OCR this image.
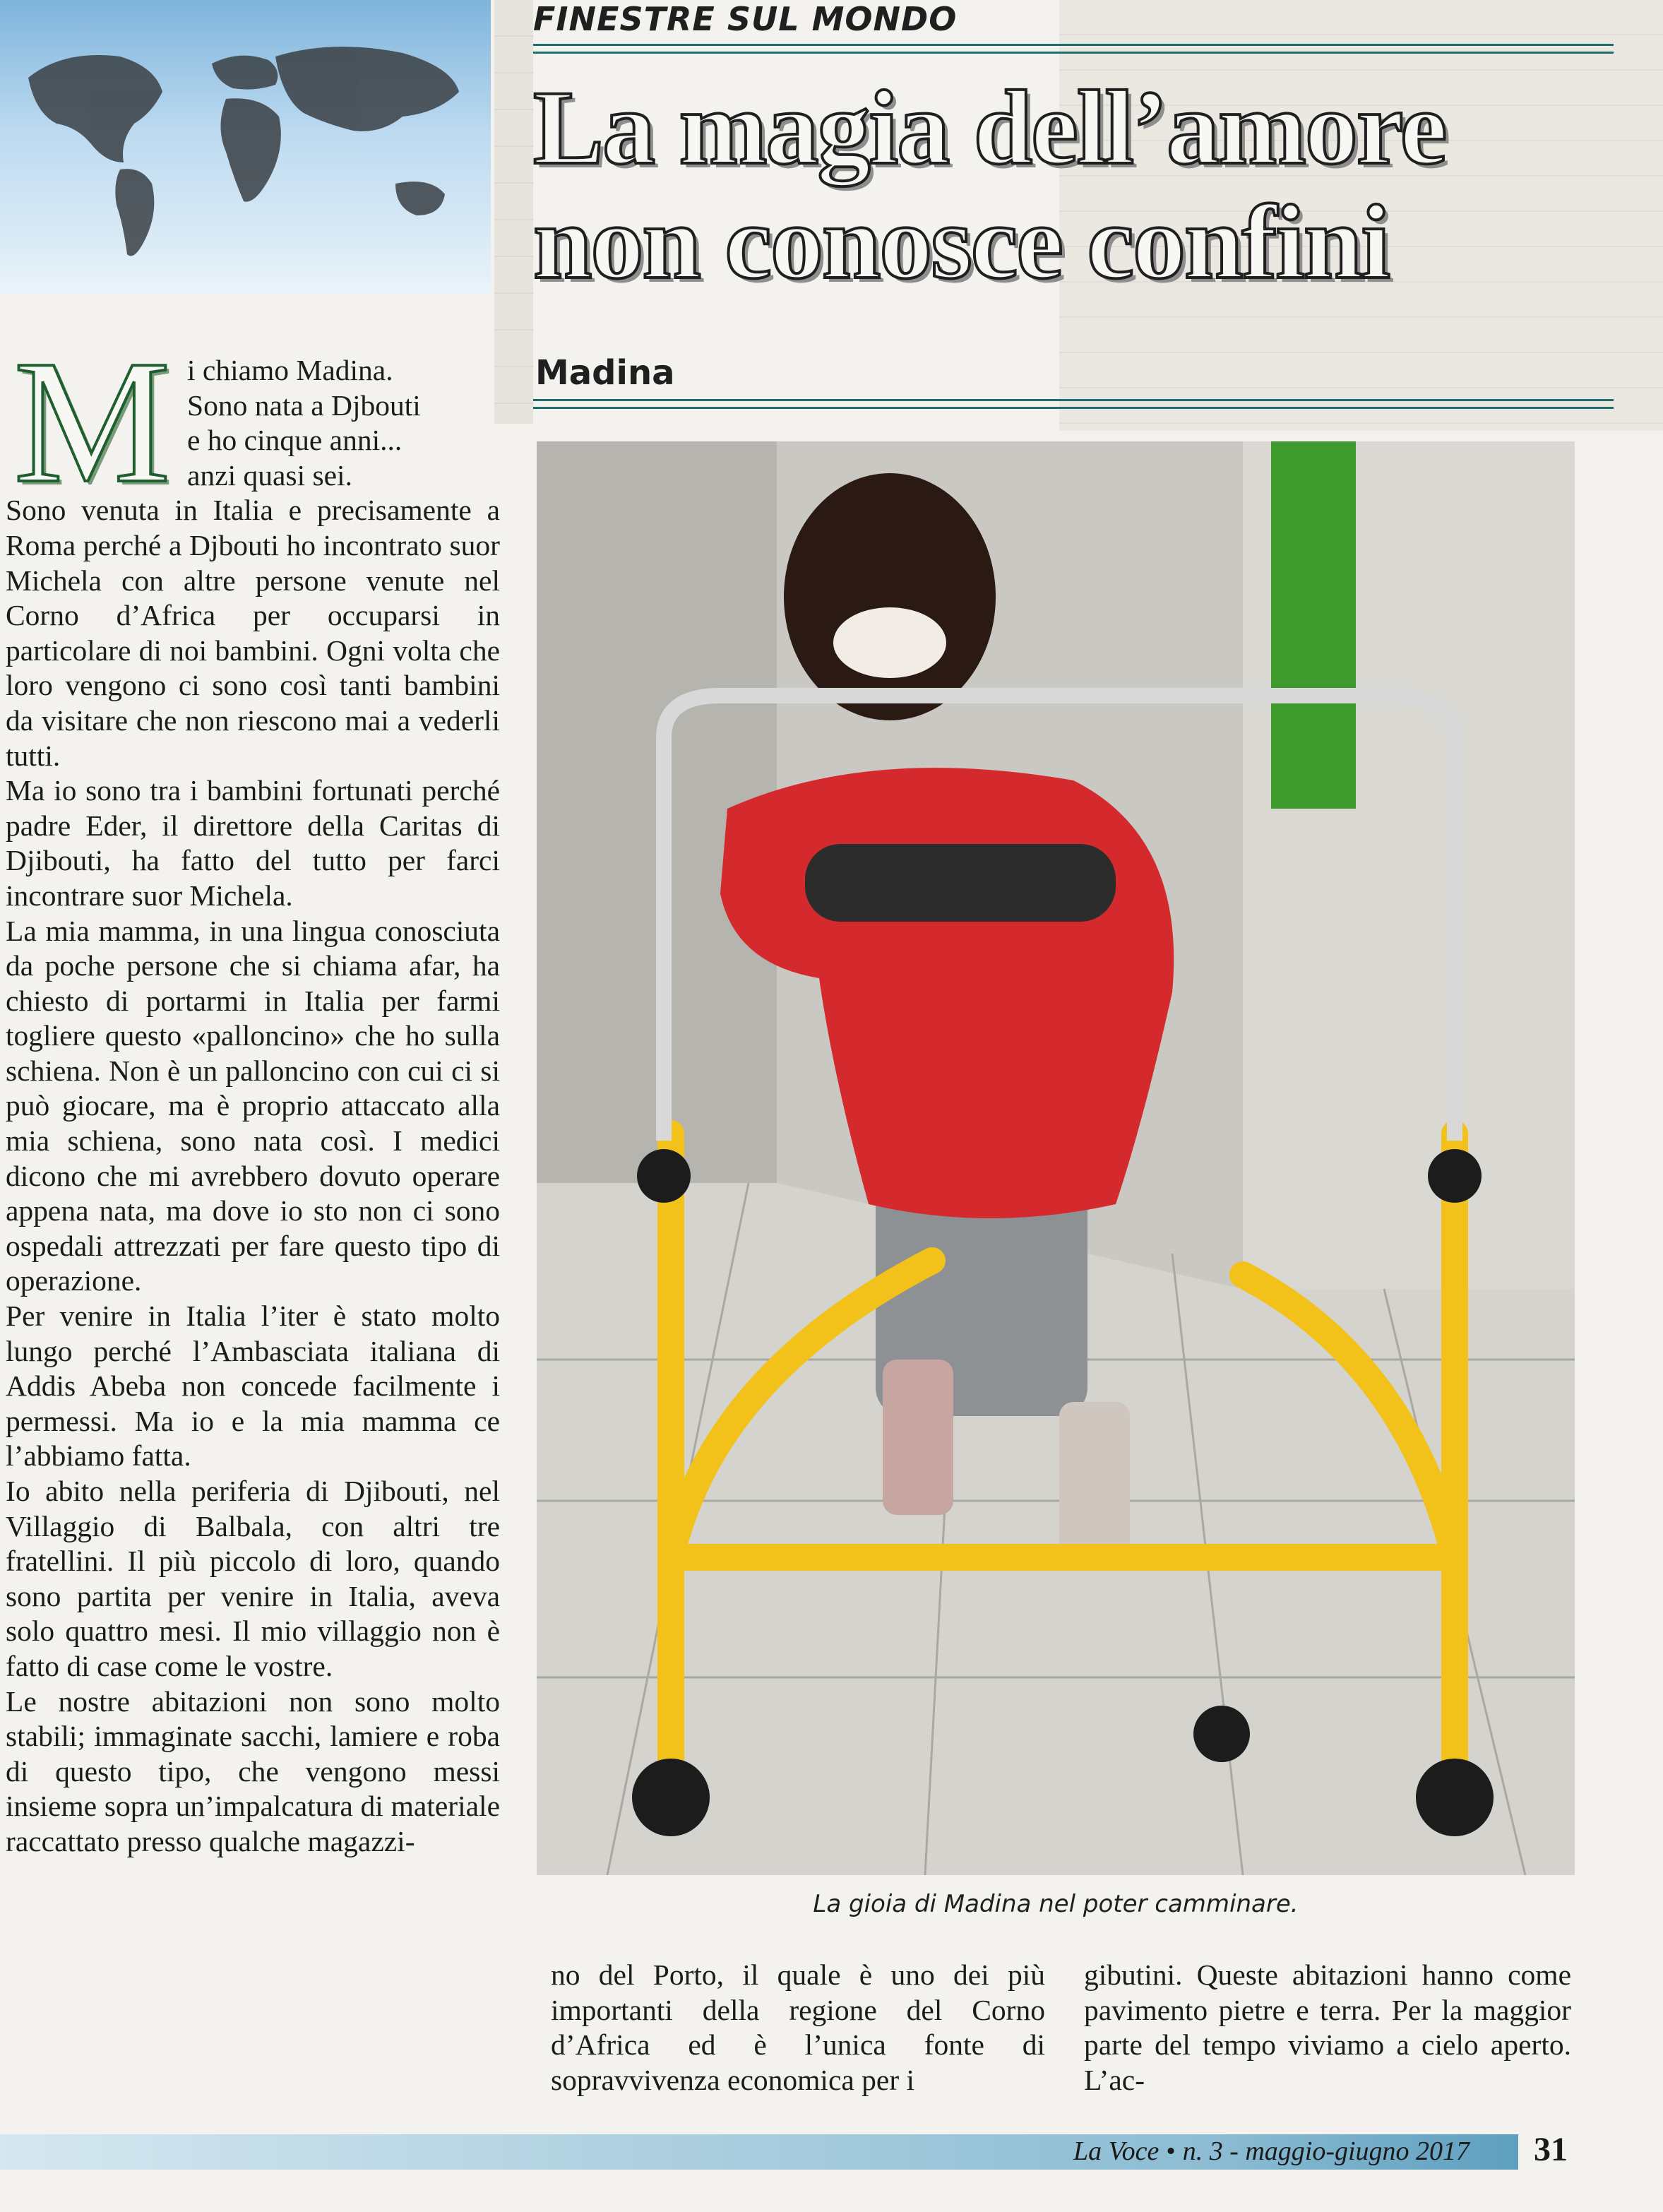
FINESTRE SUL MONDO
La magia dell’amore
non conosce confini
Madina
M i chiamo Madina.

Sono nata a Djbouti

e ho cinque anni...

anzi quasi sei.

Sono venuta in Italia e precisamente a Roma perché a Djbouti ho incontrato suor Michela con altre persone venute nel Corno d’Africa per occuparsi in particolare di noi bambini. Ogni volta che loro vengono ci sono così tanti bambini da visitare che non riescono mai a vederli tutti.

Ma io sono tra i bambini fortunati perché padre Eder, il direttore della Caritas di Djibouti, ha fatto del tutto per farci incontrare suor Michela.

La mia mamma, in una lingua conosciuta da poche persone che si chiama afar, ha chiesto di portarmi in Italia per farmi togliere questo «palloncino» che ho sulla schiena. Non è un palloncino con cui ci si può giocare, ma è proprio attaccato alla mia schiena, sono nata così. I medici dicono che mi avrebbero dovuto operare appena nata, ma dove io sto non ci sono ospedali attrezzati per fare questo tipo di operazione.

Per venire in Italia l’iter è stato molto lungo perché l’Ambasciata italiana di Addis Abeba non concede facilmente i permessi. Ma io e la mia mamma ce l’abbiamo fatta.

Io abito nella periferia di Djibouti, nel Villaggio di Balbala, con altri tre fratellini. Il più piccolo di loro, quando sono partita per venire in Italia, aveva solo quattro mesi. Il mio villaggio non è fatto di case come le vostre.

Le nostre abitazioni non sono molto stabili; immaginate sacchi, lamiere e roba di questo tipo, che vengono messi insieme sopra un’impalcatura di materiale raccattato presso qualche magazzi-

La gioia di Madina nel poter camminare.

no del Porto, il quale è uno dei più importanti della regione del Corno d’Africa ed è l’unica fonte di sopravvivenza economica per i

gibutini. Queste abitazioni hanno come pavimento pietre e terra. Per la maggior parte del tempo viviamo a cielo aperto. L’ac-

La Voce • n. 3 - maggio-giugno 2017 31
